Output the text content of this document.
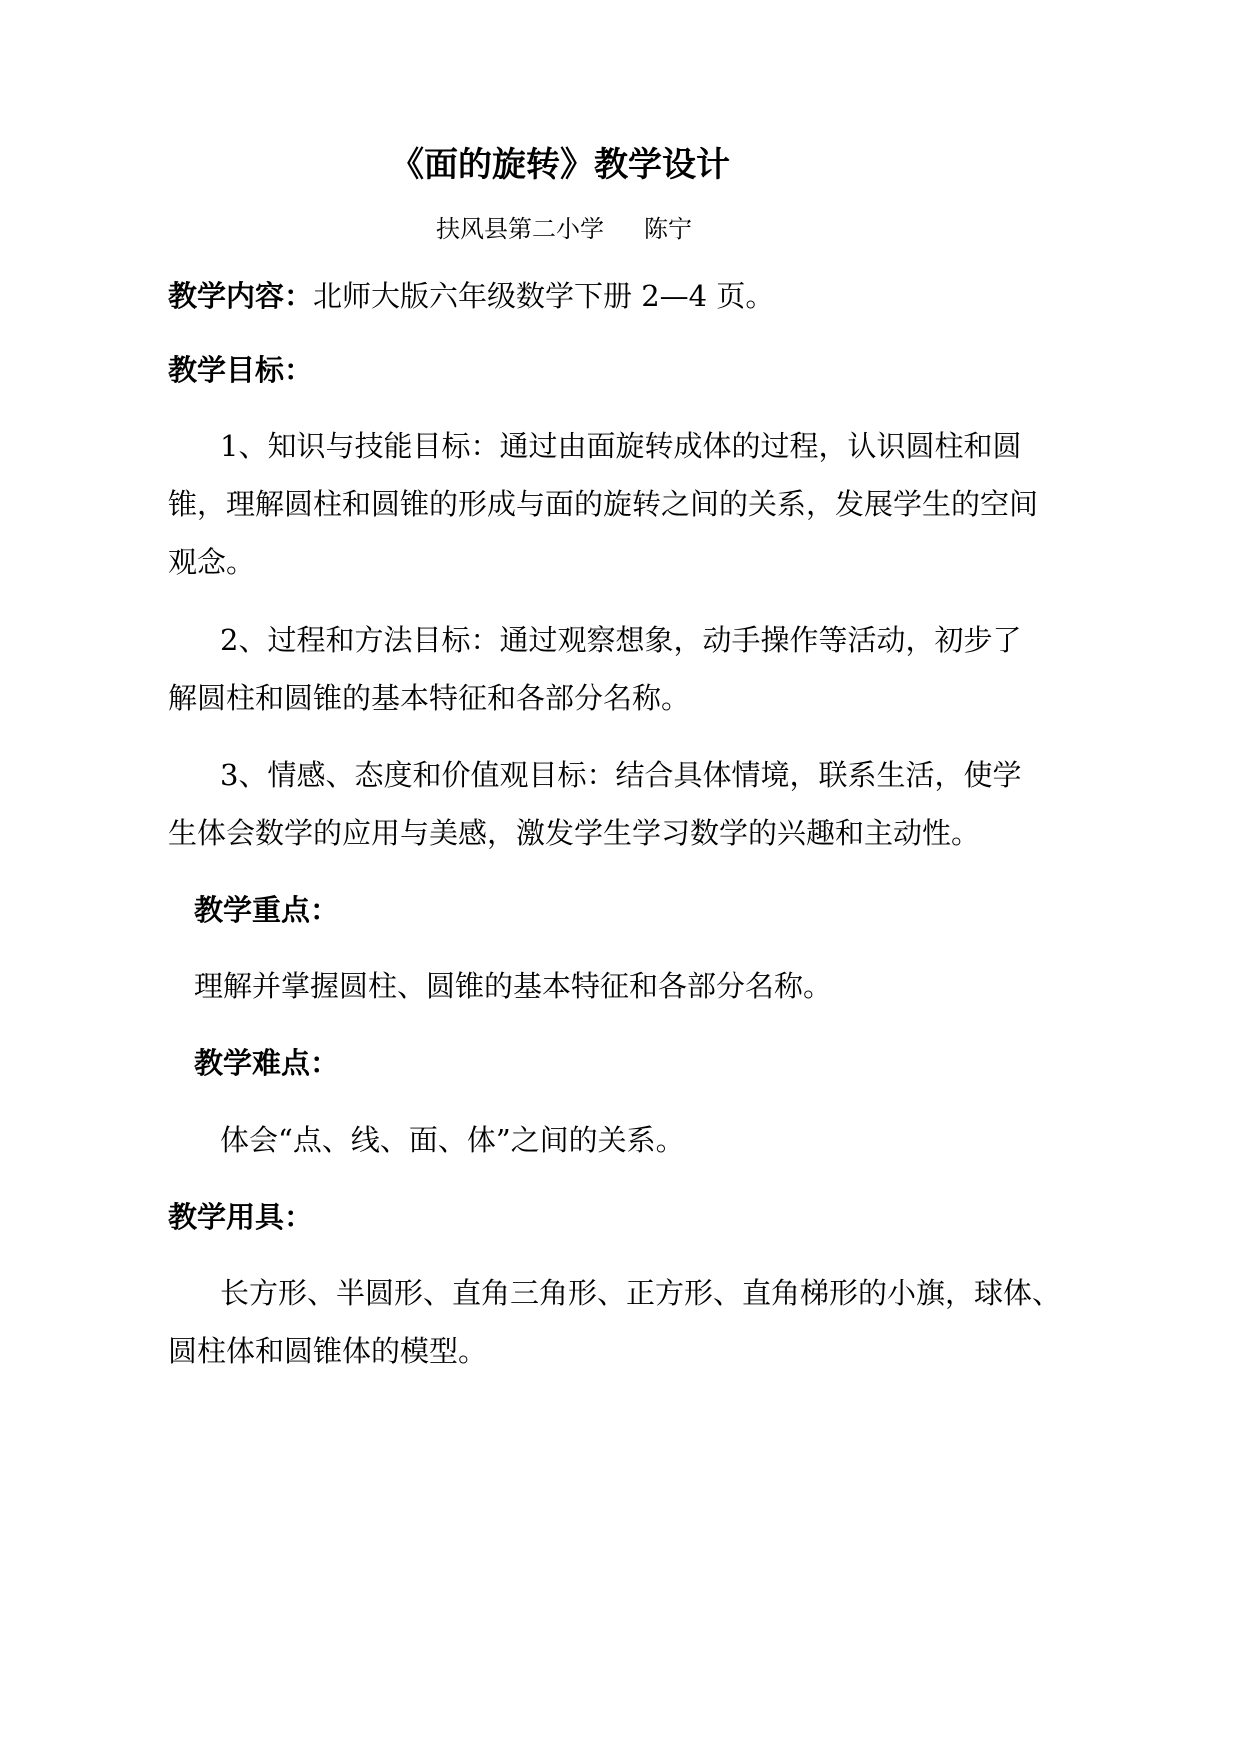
《面的旋转》教学设计
扶风县第二小学 陈宁

教学内容：北师大版六年级数学下册 2—4 页。

教学目标：

1、知识与技能目标：通过由面旋转成体的过程，认识圆柱和圆

锥，理解圆柱和圆锥的形成与面的旋转之间的关系，发展学生的空间

观念。

2、过程和方法目标：通过观察想象，动手操作等活动，初步了

解圆柱和圆锥的基本特征和各部分名称。

3、情感、态度和价值观目标：结合具体情境，联系生活，使学

生体会数学的应用与美感，激发学生学习数学的兴趣和主动性。

教学重点：

理解并掌握圆柱、圆锥的基本特征和各部分名称。

教学难点：

体会“点、线、面、体”之间的关系。

教学用具：

长方形、半圆形、直角三角形、正方形、直角梯形的小旗，球体、

圆柱体和圆锥体的模型。
